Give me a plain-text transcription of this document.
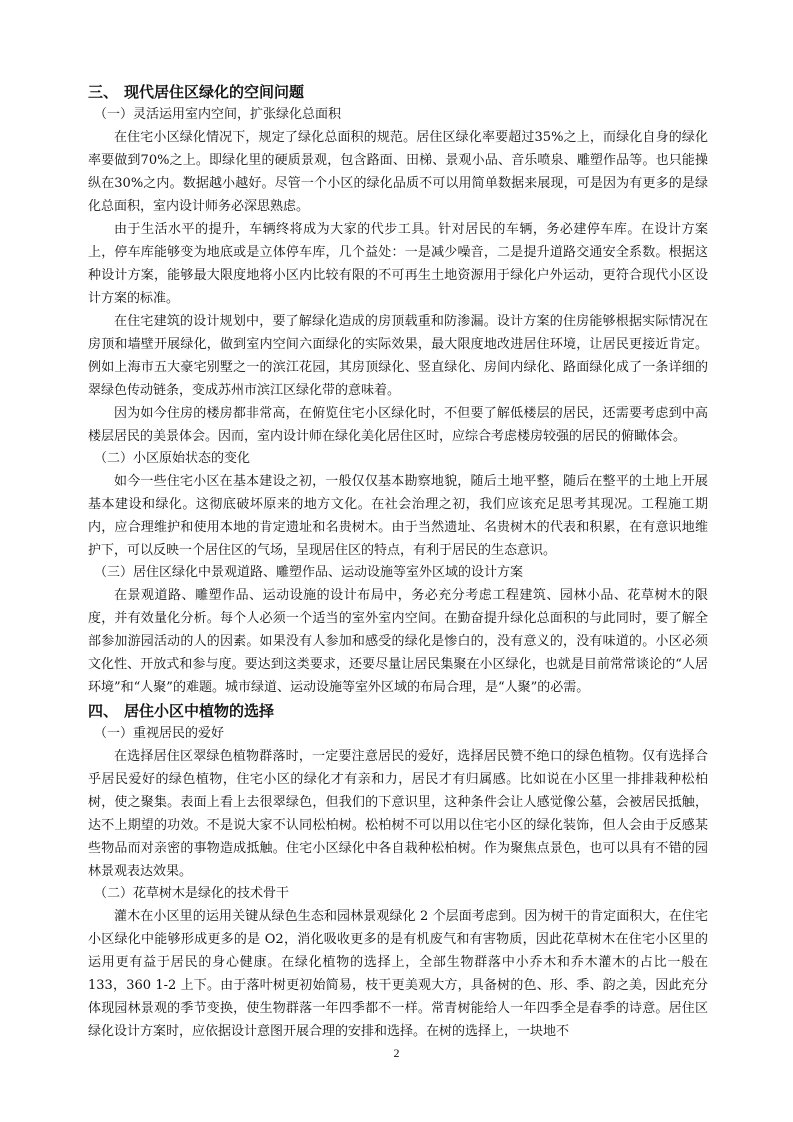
三、 现代居住区绿化的空间问题

（一）灵活运用室内空间，扩张绿化总面积

在住宅小区绿化情况下，规定了绿化总面积的规范。居住区绿化率要超过35%之上，而绿化自身的绿化率要做到70%之上。即绿化里的硬质景观，包含路面、田梯、景观小品、音乐喷泉、雕塑作品等。也只能操纵在30%之内。数据越小越好。尽管一个小区的绿化品质不可以用简单数据来展现，可是因为有更多的是绿化总面积，室内设计师务必深思熟虑。

由于生活水平的提升，车辆终将成为大家的代步工具。针对居民的车辆，务必建停车库。在设计方案上，停车库能够变为地底或是立体停车库，几个益处：一是减少噪音，二是提升道路交通安全系数。根据这种设计方案，能够最大限度地将小区内比较有限的不可再生土地资源用于绿化户外运动，更符合现代小区设计方案的标准。

在住宅建筑的设计规划中，要了解绿化造成的房顶载重和防渗漏。设计方案的住房能够根据实际情况在房顶和墙壁开展绿化，做到室内空间六面绿化的实际效果，最大限度地改进居住环境，让居民更接近肯定。例如上海市五大豪宅别墅之一的滨江花园，其房顶绿化、竖直绿化、房间内绿化、路面绿化成了一条详细的翠绿色传动链条，变成苏州市滨江区绿化带的意味着。

因为如今住房的楼房都非常高，在俯览住宅小区绿化时，不但要了解低楼层的居民，还需要考虑到中高楼层居民的美景体会。因而，室内设计师在绿化美化居住区时，应综合考虑楼房较强的居民的俯瞰体会。

（二）小区原始状态的变化

如今一些住宅小区在基本建设之初，一般仅仅基本勘察地貌，随后土地平整，随后在整平的土地上开展基本建设和绿化。这彻底破坏原来的地方文化。在社会治理之初，我们应该充足思考其现况。工程施工期内，应合理维护和使用本地的肯定遗址和名贵树木。由于当然遗址、名贵树木的代表和积累，在有意识地维护下，可以反映一个居住区的气场，呈现居住区的特点，有利于居民的生态意识。

（三）居住区绿化中景观道路、雕塑作品、运动设施等室外区域的设计方案

在景观道路、雕塑作品、运动设施的设计布局中，务必充分考虑工程建筑、园林小品、花草树木的限度，并有效量化分析。每个人必须一个适当的室外室内空间。在勤奋提升绿化总面积的与此同时，要了解全部参加游园活动的人的因素。如果没有人参加和感受的绿化是惨白的，没有意义的，没有味道的。小区必须文化性、开放式和参与度。要达到这类要求，还要尽量让居民集聚在小区绿化，也就是目前常常谈论的“人居环境”和“人聚”的难题。城市绿道、运动设施等室外区域的布局合理，是“人聚”的必需。

四、 居住小区中植物的选择

（一）重视居民的爱好

在选择居住区翠绿色植物群落时，一定要注意居民的爱好，选择居民赞不绝口的绿色植物。仅有选择合乎居民爱好的绿色植物，住宅小区的绿化才有亲和力，居民才有归属感。比如说在小区里一排排栽种松柏树，使之聚集。表面上看上去很翠绿色，但我们的下意识里，这种条件会让人感觉像公墓，会被居民抵触，达不上期望的功效。不是说大家不认同松柏树。松柏树不可以用以住宅小区的绿化装饰，但人会由于反感某些物品而对亲密的事物造成抵触。住宅小区绿化中各自栽种松柏树。作为聚焦点景色，也可以具有不错的园林景观表达效果。

（二）花草树木是绿化的技术骨干

灌木在小区里的运用关键从绿色生态和园林景观绿化 2 个层面考虑到。因为树干的肯定面积大，在住宅小区绿化中能够形成更多的是 O2，消化吸收更多的是有机废气和有害物质，因此花草树木在住宅小区里的运用更有益于居民的身心健康。在绿化植物的选择上，全部生物群落中小乔木和乔木灌木的占比一般在 133，360 1-2 上下。由于落叶树更初始简易，枝干更美观大方，具备树的色、形、季、韵之美，因此充分体现园林景观的季节变换，使生物群落一年四季都不一样。常青树能给人一年四季全是春季的诗意。居住区绿化设计方案时，应依据设计意图开展合理的安排和选择。在树的选择上，一块地不

2
